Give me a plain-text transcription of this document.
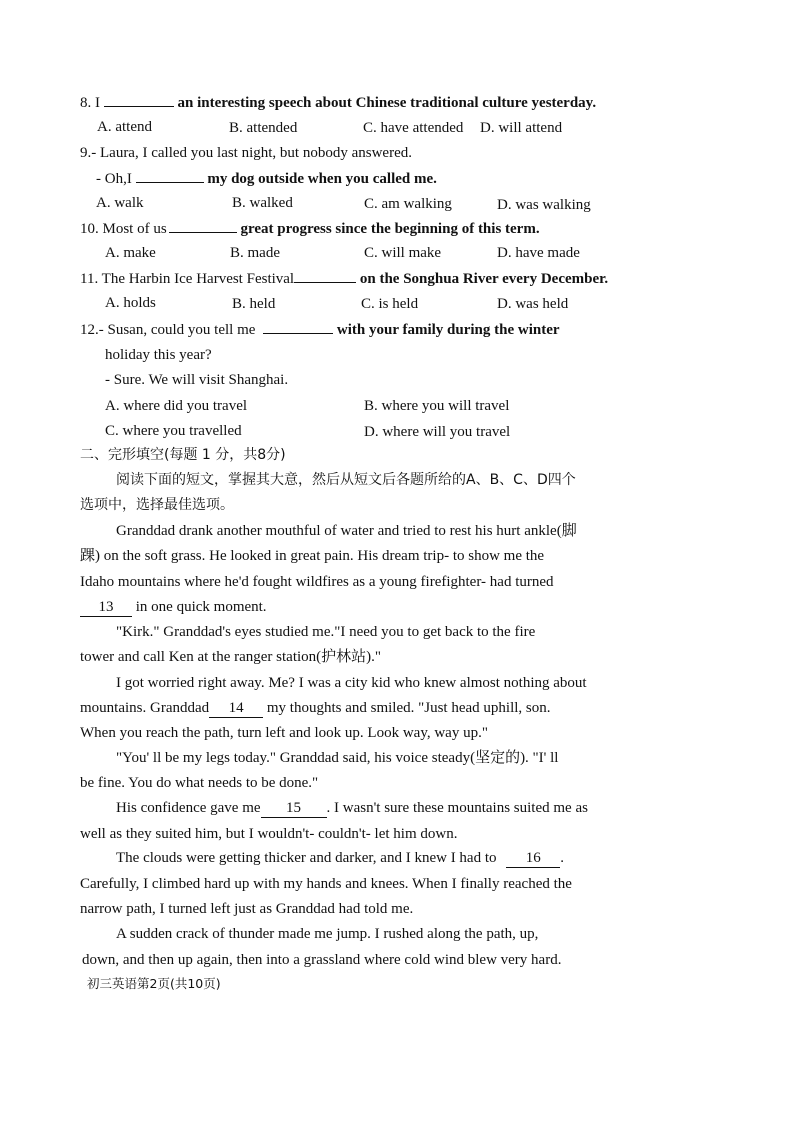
8. I	an interesting speech about Chinese traditional culture yesterday.
A. attend	B. attended	C. have attended D. will attend
9.- Laura, I called you last night, but nobody answered.
- Oh,I	my dog outside when you called me.
A. walk	B. walked	C. am walking	D. was walking
10. Most of us	great progress since the beginning of this term.
A. make	B. made	C. will make	D. have made
11. The Harbin Ice Harvest Festival	on the Songhua River every December.
A. holds	B. held	C. is held	D. was held
12.- Susan, could you tell me	with your family during the winter
holiday this year?
- Sure. We will visit Shanghai.
A. where did you travel	B. where you will travel
C. where you travelled	D. where will you travel
二、完形填空(每题 1 分，共8分)
阅读下面的短文，掌握其大意，然后从短文后各题所给的A、B、C、D四个
选项中，选择最佳选项。
Granddad drank another mouthful of water and tried to rest his hurt ankle(脚
踝) on the soft grass. He looked in great pain. His dream trip- to show me the
Idaho mountains where he'd fought wildfires as a young firefighter- had turned
13 in one quick moment.
"Kirk." Granddad's eyes studied me."I need you to get back to the fire
tower and call Ken at the ranger station(护林站)."
I got worried right away. Me? I was a city kid who knew almost nothing about
mountains. Granddad 14 my thoughts and smiled. "Just head uphill, son.
When you reach the path, turn left and look up. Look way, way up."
"You' ll be my legs today." Granddad said, his voice steady(坚定的). "I' ll
be fine. You do what needs to be done."
His confidence gave me 15 . I wasn't sure these mountains suited me as
well as they suited him, but I wouldn't- couldn't- let him down.
The clouds were getting thicker and darker, and I knew I had to 16 .
Carefully, I climbed hard up with my hands and knees. When I finally reached the
narrow path, I turned left just as Granddad had told me.
A sudden crack of thunder made me jump. I rushed along the path, up,
down, and then up again, then into a grassland where cold wind blew very hard.
初三英语第2页(共10页)
